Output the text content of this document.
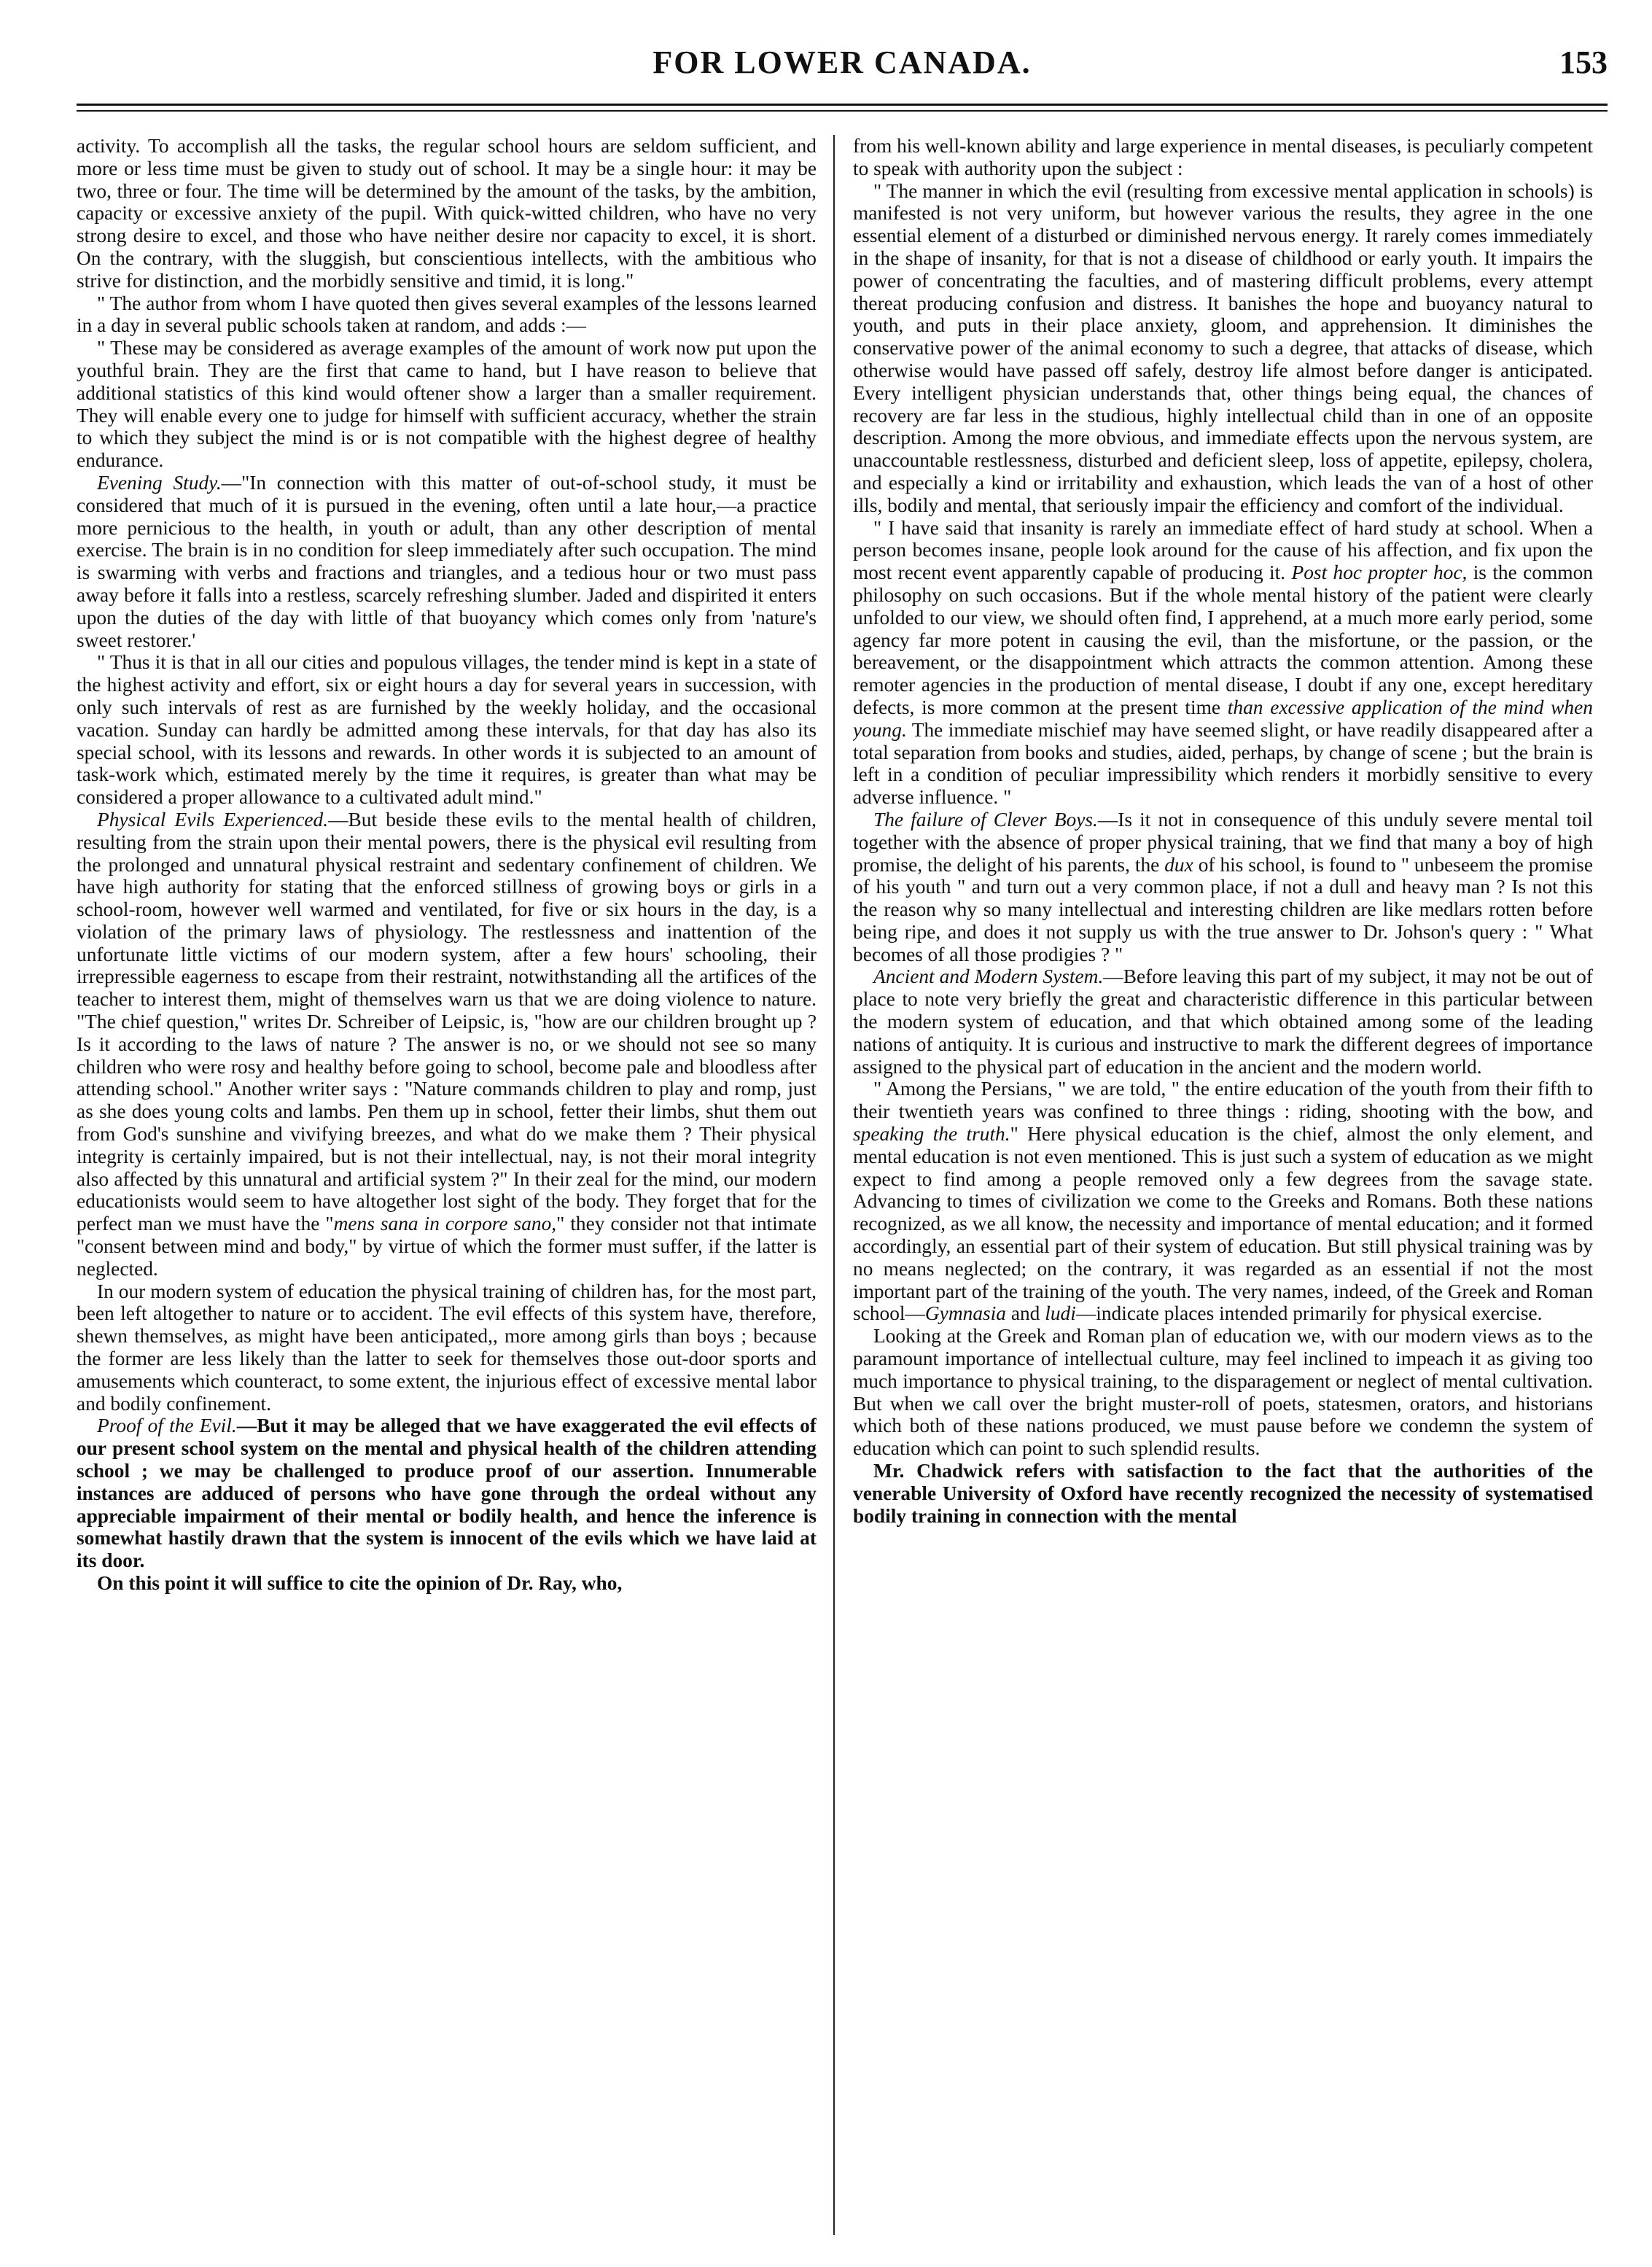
FOR LOWER CANADA.	153

activity. To accomplish all the tasks, the regular school hours are seldom sufficient, and more or less time must be given to study out of school. It may be a single hour: it may be two, three or four. The time will be determined by the amount of the tasks, by the ambition, capacity or excessive anxiety of the pupil. With quick-witted children, who have no very strong desire to excel, and those who have neither desire nor capacity to excel, it is short. On the contrary, with the sluggish, but conscientious intellects, with the ambitious who strive for distinction, and the morbidly sensitive and timid, it is long."

" The author from whom I have quoted then gives several examples of the lessons learned in a day in several public schools taken at random, and adds :—

" These may be considered as average examples of the amount of work now put upon the youthful brain. They are the first that came to hand, but I have reason to believe that additional statistics of this kind would oftener show a larger than a smaller requirement. They will enable every one to judge for himself with sufficient accuracy, whether the strain to which they subject the mind is or is not compatible with the highest degree of healthy endurance.

Evening Study.—"In connection with this matter of out-of-school study, it must be considered that much of it is pursued in the evening, often until a late hour,—a practice more pernicious to the health, in youth or adult, than any other description of mental exercise. The brain is in no condition for sleep immediately after such occupation. The mind is swarming with verbs and fractions and triangles, and a tedious hour or two must pass away before it falls into a restless, scarcely refreshing slumber. Jaded and dispirited it enters upon the duties of the day with little of that buoyancy which comes only from 'nature's sweet restorer.'

" Thus it is that in all our cities and populous villages, the tender mind is kept in a state of the highest activity and effort, six or eight hours a day for several years in succession, with only such intervals of rest as are furnished by the weekly holiday, and the occasional vacation. Sunday can hardly be admitted among these intervals, for that day has also its special school, with its lessons and rewards. In other words it is subjected to an amount of task-work which, estimated merely by the time it requires, is greater than what may be considered a proper allowance to a cultivated adult mind."

Physical Evils Experienced.—But beside these evils to the mental health of children, resulting from the strain upon their mental powers, there is the physical evil resulting from the prolonged and unnatural physical restraint and sedentary confinement of children. We have high authority for stating that the enforced stillness of growing boys or girls in a school-room, however well warmed and ventilated, for five or six hours in the day, is a violation of the primary laws of physiology. The restlessness and inattention of the unfortunate little victims of our modern system, after a few hours' schooling, their irrepressible eagerness to escape from their restraint, notwithstanding all the artifices of the teacher to interest them, might of themselves warn us that we are doing violence to nature. "The chief question," writes Dr. Schreiber of Leipsic, is, "how are our children brought up ? Is it according to the laws of nature ? The answer is no, or we should not see so many children who were rosy and healthy before going to school, become pale and bloodless after attending school." Another writer says : "Nature commands children to play and romp, just as she does young colts and lambs. Pen them up in school, fetter their limbs, shut them out from God's sunshine and vivifying breezes, and what do we make them ? Their physical integrity is certainly impaired, but is not their intellectual, nay, is not their moral integrity also affected by this unnatural and artificial system ?" In their zeal for the mind, our modern educationists would seem to have altogether lost sight of the body. They forget that for the perfect man we must have the "mens sana in corpore sano," they consider not that intimate "consent between mind and body," by virtue of which the former must suffer, if the latter is neglected.

In our modern system of education the physical training of children has, for the most part, been left altogether to nature or to accident. The evil effects of this system have, therefore, shewn themselves, as might have been anticipated,, more among girls than boys ; because the former are less likely than the latter to seek for themselves those out-door sports and amusements which counteract, to some extent, the injurious effect of excessive mental labor and bodily confinement.

Proof of the Evil.—But it may be alleged that we have exaggerated the evil effects of our present school system on the mental and physical health of the children attending school ; we may be challenged to produce proof of our assertion. Innumerable instances are adduced of persons who have gone through the ordeal without any appreciable impairment of their mental or bodily health, and hence the inference is somewhat hastily drawn that the system is innocent of the evils which we have laid at its door.

On this point it will suffice to cite the opinion of Dr. Ray, who,

from his well-known ability and large experience in mental diseases, is peculiarly competent to speak with authority upon the subject :

" The manner in which the evil (resulting from excessive mental application in schools) is manifested is not very uniform, but however various the results, they agree in the one essential element of a disturbed or diminished nervous energy. It rarely comes immediately in the shape of insanity, for that is not a disease of childhood or early youth. It impairs the power of concentrating the faculties, and of mastering difficult problems, every attempt thereat producing confusion and distress. It banishes the hope and buoyancy natural to youth, and puts in their place anxiety, gloom, and apprehension. It diminishes the conservative power of the animal economy to such a degree, that attacks of disease, which otherwise would have passed off safely, destroy life almost before danger is anticipated. Every intelligent physician understands that, other things being equal, the chances of recovery are far less in the studious, highly intellectual child than in one of an opposite description. Among the more obvious, and immediate effects upon the nervous system, are unaccountable restlessness, disturbed and deficient sleep, loss of appetite, epilepsy, cholera, and especially a kind or irritability and exhaustion, which leads the van of a host of other ills, bodily and mental, that seriously impair the efficiency and comfort of the individual.

" I have said that insanity is rarely an immediate effect of hard study at school. When a person becomes insane, people look around for the cause of his affection, and fix upon the most recent event apparently capable of producing it. Post hoc propter hoc, is the common philosophy on such occasions. But if the whole mental history of the patient were clearly unfolded to our view, we should often find, I apprehend, at a much more early period, some agency far more potent in causing the evil, than the misfortune, or the passion, or the bereavement, or the disappointment which attracts the common attention. Among these remoter agencies in the production of mental disease, I doubt if any one, except hereditary defects, is more common at the present time than excessive application of the mind when young. The immediate mischief may have seemed slight, or have readily disappeared after a total separation from books and studies, aided, perhaps, by change of scene ; but the brain is left in a condition of peculiar impressibility which renders it morbidly sensitive to every adverse influence. "

The failure of Clever Boys.—Is it not in consequence of this unduly severe mental toil together with the absence of proper physical training, that we find that many a boy of high promise, the delight of his parents, the dux of his school, is found to " unbeseem the promise of his youth " and turn out a very common place, if not a dull and heavy man ? Is not this the reason why so many intellectual and interesting children are like medlars rotten before being ripe, and does it not supply us with the true answer to Dr. Johson's query : " What becomes of all those prodigies ? "

Ancient and Modern System.—Before leaving this part of my subject, it may not be out of place to note very briefly the great and characteristic difference in this particular between the modern system of education, and that which obtained among some of the leading nations of antiquity. It is curious and instructive to mark the different degrees of importance assigned to the physical part of education in the ancient and the modern world.

" Among the Persians, " we are told, " the entire education of the youth from their fifth to their twentieth years was confined to three things : riding, shooting with the bow, and speaking the truth." Here physical education is the chief, almost the only element, and mental education is not even mentioned. This is just such a system of education as we might expect to find among a people removed only a few degrees from the savage state. Advancing to times of civilization we come to the Greeks and Romans. Both these nations recognized, as we all know, the necessity and importance of mental education; and it formed accordingly, an essential part of their system of education. But still physical training was by no means neglected; on the contrary, it was regarded as an essential if not the most important part of the training of the youth. The very names, indeed, of the Greek and Roman school—Gymnasia and ludi—indicate places intended primarily for physical exercise.

Looking at the Greek and Roman plan of education we, with our modern views as to the paramount importance of intellectual culture, may feel inclined to impeach it as giving too much importance to physical training, to the disparagement or neglect of mental cultivation. But when we call over the bright muster-roll of poets, statesmen, orators, and historians which both of these nations produced, we must pause before we condemn the system of education which can point to such splendid results.

Mr. Chadwick refers with satisfaction to the fact that the authorities of the venerable University of Oxford have recently recognized the necessity of systematised bodily training in connection with the mental
